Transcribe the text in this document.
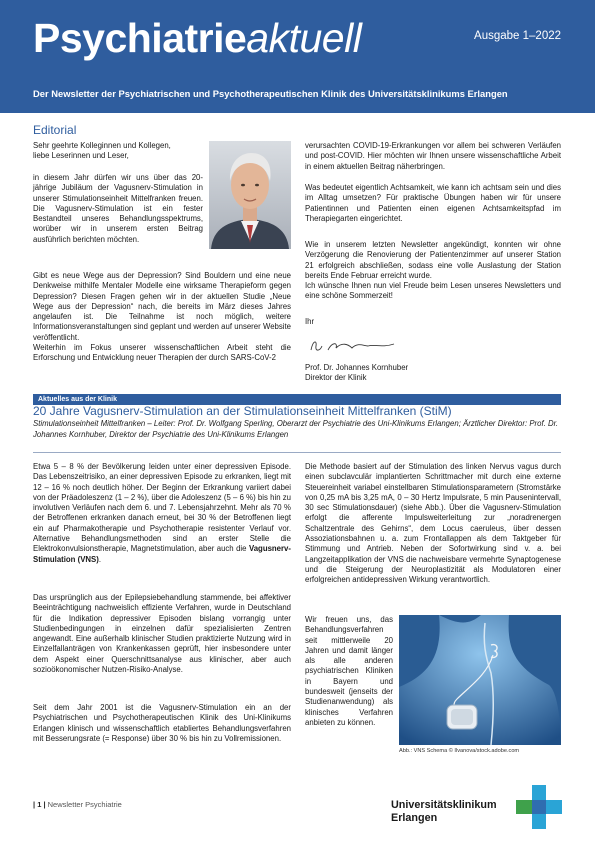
Psychiatrieaktuell	Ausgabe 1–2022
Der Newsletter der Psychiatrischen und Psychotherapeutischen Klinik des Universitätsklinikums Erlangen
Editorial
Sehr geehrte Kolleginnen und Kollegen,
liebe Leserinnen und Leser,
in diesem Jahr dürfen wir uns über das 20-jährige Jubiläum der Vagusnerv-Stimulation in unserer Stimulationseinheit Mittelfranken freuen. Die Vagusnerv-Stimulation ist ein fester Bestandteil unseres Behandlungsspektrums, worüber wir in unserem ersten Beitrag ausführlich berichten möchten.
Gibt es neue Wege aus der Depression? Sind Bouldern und eine neue Denkweise mithilfe Mentaler Modelle eine wirksame Therapieform gegen Depression? Diesen Fragen gehen wir in der aktuellen Studie „Neue Wege aus der Depression“ nach, die bereits im März dieses Jahres angelaufen ist. Die Teilnahme ist noch möglich, weitere Informationsveranstaltungen sind geplant und werden auf unserer Website veröffentlicht.
Weiterhin im Fokus unserer wissenschaftlichen Arbeit steht die Erforschung und Entwicklung neuer Therapien der durch SARS-CoV-2
verursachten COVID-19-Erkrankungen vor allem bei schweren Verläufen und post-COVID. Hier möchten wir Ihnen unsere wissenschaftliche Arbeit in einem aktuellen Beitrag näherbringen.
Was bedeutet eigentlich Achtsamkeit, wie kann ich achtsam sein und dies im Alltag umsetzen? Für praktische Übungen haben wir für unsere Patientinnen und Patienten einen eigenen Achtsamkeitspfad im Therapiegarten eingerichtet.
Wie in unserem letzten Newsletter angekündigt, konnten wir ohne Verzögerung die Renovierung der Patientenzimmer auf unserer Station 21 erfolgreich abschließen, sodass eine volle Auslastung der Station bereits Ende Februar erreicht wurde.
Ich wünsche Ihnen nun viel Freude beim Lesen unseres Newsletters und eine schöne Sommerzeit!
Ihr
Prof. Dr. Johannes Kornhuber
Direktor der Klinik
Aktuelles aus der Klinik
20 Jahre Vagusnerv-Stimulation an der Stimulationseinheit Mittelfranken (StiM)
Stimulationseinheit Mittelfranken – Leiter: Prof. Dr. Wolfgang Sperling, Oberarzt der Psychiatrie des Uni-Klinikums Erlangen; Ärztlicher Direktor: Prof. Dr. Johannes Kornhuber, Direktor der Psychiatrie des Uni-Klinikums Erlangen
Etwa 5 – 8 % der Bevölkerung leiden unter einer depressiven Episode. Das Lebenszeitrisiko, an einer depressiven Episode zu erkranken, liegt mit 12 – 16 % noch deutlich höher. Der Beginn der Erkrankung variiert dabei von der Präadoleszenz (1 – 2 %), über die Adoleszenz (5 – 6 %) bis hin zu involutiven Verläufen nach dem 6. und 7. Lebensjahrzehnt. Mehr als 70 % der Betroffenen erkranken danach erneut, bei 30 % der Betroffenen liegt ein auf Pharmakotherapie und Psychotherapie resistenter Verlauf vor. Alternative Behandlungsmethoden sind an erster Stelle die Elektrokonvulsionstherapie, Magnetstimulation, aber auch die Vagusnerv-Stimulation (VNS).
Das ursprünglich aus der Epilepsiebehandlung stammende, bei affektiver Beeinträchtigung nachweislich effiziente Verfahren, wurde in Deutschland für die Indikation depressiver Episoden bislang vorrangig unter Studienbedingungen in einzelnen dafür spezialisierten Zentren angewandt. Eine außerhalb klinischer Studien praktizierte Nutzung wird in Einzelfallanträgen von Krankenkassen geprüft, hier insbesondere unter dem Aspekt einer Querschnittsanalyse aus klinischer, aber auch sozioökonomischer Nutzen-Risiko-Analyse.
Seit dem Jahr 2001 ist die Vagusnerv-Stimulation ein an der Psychiatrischen und Psychotherapeutischen Klinik des Uni-Klinikums Erlangen klinisch und wissenschaftlich etabliertes Behandlungsverfahren mit Besserungsrate (= Response) über 30 % bis hin zu Vollremissionen.
Die Methode basiert auf der Stimulation des linken Nervus vagus durch einen subclavculär implantierten Schrittmacher mit durch eine externe Steuereinheit variabel einstellbaren Stimulationsparametern (Stromstärke von 0,25 mA bis 3,25 mA, 0 – 30 Hertz Impulsrate, 5 min Pausenintervall, 30 sec Stimulationsdauer) (siehe Abb.). Über die Vagusnerv-Stimulation erfolgt die afferente Impulsweiterleitung zur „noradrenergen Schaltzentrale des Gehirns“, dem Locus caeruleus, über dessen Assoziationsbahnen u. a. zum Frontallappen als dem Taktgeber für Stimmung und Antrieb. Neben der Sofortwirkung sind v. a. bei Langzeitapplikation der VNS die nachweisbare vermehrte Synaptogenese und die Steigerung der Neuroplastizität als Modulatoren einer erfolgreichen antidepressiven Wirkung verantwortlich.
Wir freuen uns, das Behandlungsverfahren seit mittlerweile 20 Jahren und damit länger als alle anderen psychiatrischen Kliniken in Bayern und bundesweit (jenseits der Studienanwendung) als klinisches Verfahren anbieten zu können.
Abb.: VNS Schema © Ilvanova/stock.adobe.com
| 1 | Newsletter Psychiatrie	Universitätsklinikum
Erlangen
